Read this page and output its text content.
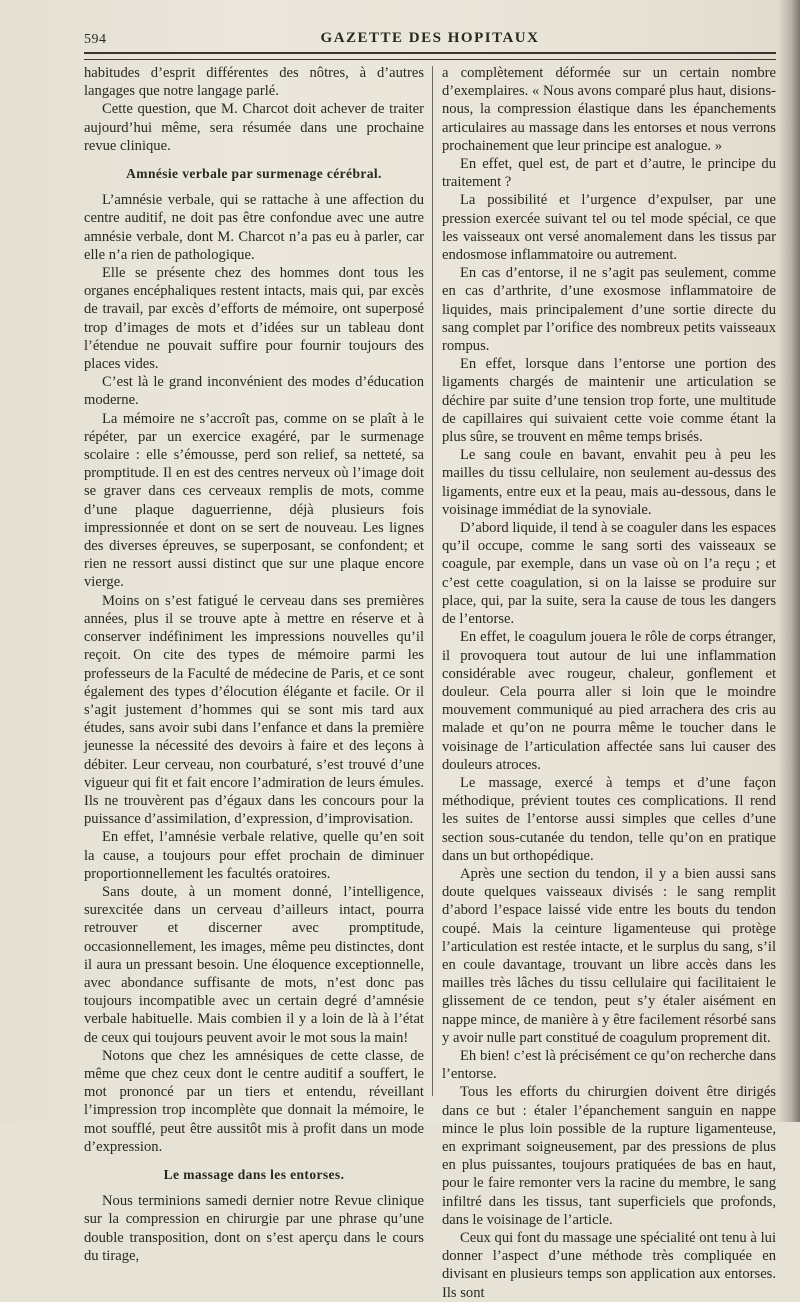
594	GAZETTE DES HOPITAUX

habitudes d’esprit différentes des nôtres, à d’autres langages que notre langage parlé.

Cette question, que M. Charcot doit achever de traiter aujourd’hui même, sera résumée dans une prochaine revue clinique.

Amnésie verbale par surmenage cérébral.

L’amnésie verbale, qui se rattache à une affection du centre auditif, ne doit pas être confondue avec une autre amnésie verbale, dont M. Charcot n’a pas eu à parler, car elle n’a rien de pathologique.

Elle se présente chez des hommes dont tous les organes encéphaliques restent intacts, mais qui, par excès de travail, par excès d’efforts de mémoire, ont superposé trop d’images de mots et d’idées sur un tableau dont l’étendue ne pouvait suffire pour fournir toujours des places vides.

C’est là le grand inconvénient des modes d’éducation moderne.

La mémoire ne s’accroît pas, comme on se plaît à le répéter, par un exercice exagéré, par le surmenage scolaire : elle s’émousse, perd son relief, sa netteté, sa promptitude. Il en est des centres nerveux où l’image doit se graver dans ces cerveaux remplis de mots, comme d’une plaque daguerrienne, déjà plusieurs fois impressionnée et dont on se sert de nouveau. Les lignes des diverses épreuves, se superposant, se confondent; et rien ne ressort aussi distinct que sur une plaque encore vierge.

Moins on s’est fatigué le cerveau dans ses premières années, plus il se trouve apte à mettre en réserve et à conserver indéfiniment les impressions nouvelles qu’il reçoit. On cite des types de mémoire parmi les professeurs de la Faculté de médecine de Paris, et ce sont également des types d’élocution élégante et facile. Or il s’agit justement d’hommes qui se sont mis tard aux études, sans avoir subi dans l’enfance et dans la première jeunesse la nécessité des devoirs à faire et des leçons à débiter. Leur cerveau, non courbaturé, s’est trouvé d’une vigueur qui fit et fait encore l’admiration de leurs émules. Ils ne trouvèrent pas d’égaux dans les concours pour la puissance d’assimilation, d’expression, d’improvisation.

En effet, l’amnésie verbale relative, quelle qu’en soit la cause, a toujours pour effet prochain de diminuer proportionnellement les facultés oratoires.

Sans doute, à un moment donné, l’intelligence, surexcitée dans un cerveau d’ailleurs intact, pourra retrouver et discerner avec promptitude, occasionnellement, les images, même peu distinctes, dont il aura un pressant besoin. Une éloquence exceptionnelle, avec abondance suffisante de mots, n’est donc pas toujours incompatible avec un certain degré d’amnésie verbale habituelle. Mais combien il y a loin de là à l’état de ceux qui toujours peuvent avoir le mot sous la main!

Notons que chez les amnésiques de cette classe, de même que chez ceux dont le centre auditif a souffert, le mot prononcé par un tiers et entendu, réveillant l’impression trop incomplète que donnait la mémoire, le mot soufflé, peut être aussitôt mis à profit dans un mode d’expression.

Le massage dans les entorses.

Nous terminions samedi dernier notre Revue clinique sur la compression en chirurgie par une phrase qu’une double transposition, dont on s’est aperçu dans le cours du tirage,

a complètement déformée sur un certain nombre d’exemplaires. « Nous avons comparé plus haut, disions-nous, la compression élastique dans les épanchements articulaires au massage dans les entorses et nous verrons prochainement que leur principe est analogue. »

En effet, quel est, de part et d’autre, le principe du traitement ?

La possibilité et l’urgence d’expulser, par une pression exercée suivant tel ou tel mode spécial, ce que les vaisseaux ont versé anomalement dans les tissus par endosmose inflammatoire ou autrement.

En cas d’entorse, il ne s’agit pas seulement, comme en cas d’arthrite, d’une exosmose inflammatoire de liquides, mais principalement d’une sortie directe du sang complet par l’orifice des nombreux petits vaisseaux rompus.

En effet, lorsque dans l’entorse une portion des ligaments chargés de maintenir une articulation se déchire par suite d’une tension trop forte, une multitude de capillaires qui suivaient cette voie comme étant la plus sûre, se trouvent en même temps brisés.

Le sang coule en bavant, envahit peu à peu les mailles du tissu cellulaire, non seulement au-dessus des ligaments, entre eux et la peau, mais au-dessous, dans le voisinage immédiat de la synoviale.

D’abord liquide, il tend à se coaguler dans les espaces qu’il occupe, comme le sang sorti des vaisseaux se coagule, par exemple, dans un vase où on l’a reçu ; et c’est cette coagulation, si on la laisse se produire sur place, qui, par la suite, sera la cause de tous les dangers de l’entorse.

En effet, le coagulum jouera le rôle de corps étranger, il provoquera tout autour de lui une inflammation considérable avec rougeur, chaleur, gonflement et douleur. Cela pourra aller si loin que le moindre mouvement communiqué au pied arrachera des cris au malade et qu’on ne pourra même le toucher dans le voisinage de l’articulation affectée sans lui causer des douleurs atroces.

Le massage, exercé à temps et d’une façon méthodique, prévient toutes ces complications. Il rend les suites de l’entorse aussi simples que celles d’une section sous-cutanée du tendon, telle qu’on en pratique dans un but orthopédique.

Après une section du tendon, il y a bien aussi sans doute quelques vaisseaux divisés : le sang remplit d’abord l’espace laissé vide entre les bouts du tendon coupé. Mais la ceinture ligamenteuse qui protège l’articulation est restée intacte, et le surplus du sang, s’il en coule davantage, trouvant un libre accès dans les mailles très lâches du tissu cellulaire qui facilitaient le glissement de ce tendon, peut s’y étaler aisément en nappe mince, de manière à y être facilement résorbé sans y avoir nulle part constitué de coagulum proprement dit.

Eh bien! c’est là précisément ce qu’on recherche dans l’entorse.

Tous les efforts du chirurgien doivent être dirigés dans ce but : étaler l’épanchement sanguin en nappe mince le plus loin possible de la rupture ligamenteuse, en exprimant soigneusement, par des pressions de plus en plus puissantes, toujours pratiquées de bas en haut, pour le faire remonter vers la racine du membre, le sang infiltré dans les tissus, tant superficiels que profonds, dans le voisinage de l’article.

Ceux qui font du massage une spécialité ont tenu à lui donner l’aspect d’une méthode très compliquée en divisant en plusieurs temps son application aux entorses. Ils sont
